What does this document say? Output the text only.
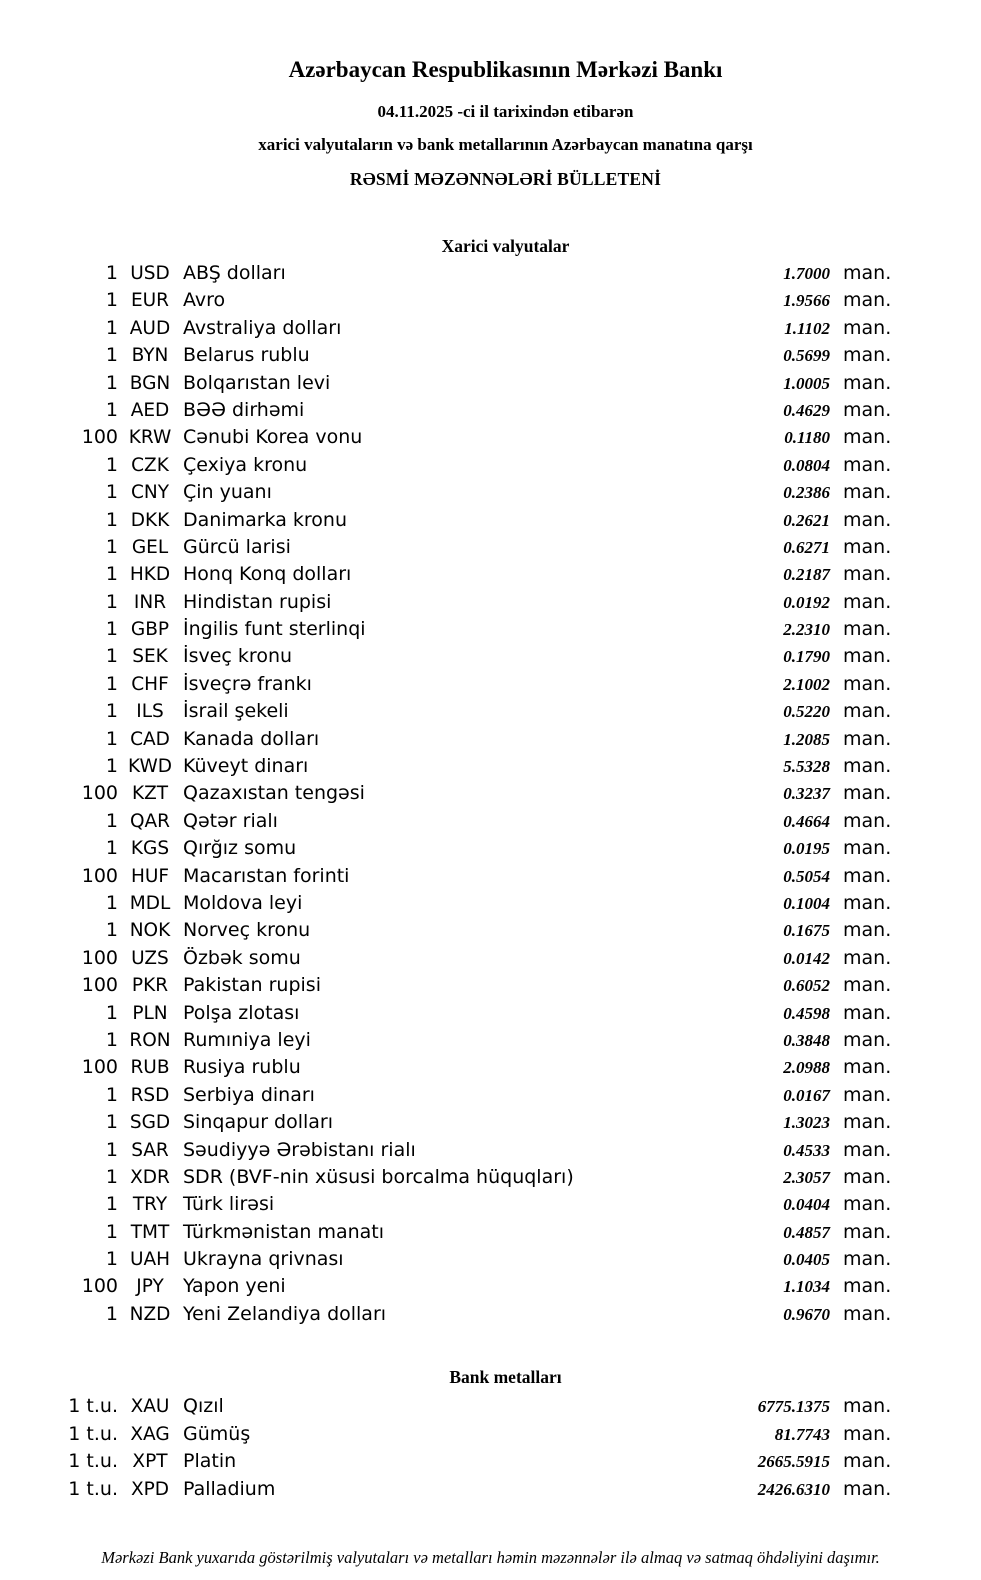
Azərbaycan Respublikasının Mərkəzi Bankı
04.11.2025 -ci il tarixindən etibarən
xarici valyutaların və bank metallarının Azərbaycan manatına qarşı
RƏSMİ MƏZƏNNƏLƏRİ BÜLLETENİ
Xarici valyutalar
1 USD ABŞ dolları	1.7000 man.
1 EUR Avro	1.9566 man.
1 AUD Avstraliya dolları	1.1102 man.
1 BYN Belarus rublu	0.5699 man.
1 BGN Bolqarıstan levi	1.0005 man.
1 AED BƏƏ dirhəmi	0.4629 man.
100 KRW Cənubi Korea vonu	0.1180 man.
1 CZK Çexiya kronu	0.0804 man.
1 CNY Çin yuanı	0.2386 man.
1 DKK Danimarka kronu	0.2621 man.
1 GEL Gürcü larisi	0.6271 man.
1 HKD Honq Konq dolları	0.2187 man.
1 INR Hindistan rupisi	0.0192 man.
1 GBP İngilis funt sterlinqi	2.2310 man.
1 SEK İsveç kronu	0.1790 man.
1 CHF İsveçrə frankı	2.1002 man.
1 ILS	İsrail şekeli	0.5220 man.
1 CAD Kanada dolları	1.2085 man.
1 KWD Küveyt dinarı	5.5328 man.
100 KZT Qazaxıstan tengəsi	0.3237 man.
1 QAR Qətər rialı	0.4664 man.
1 KGS Qırğız somu	0.0195 man.
100 HUF Macarıstan forinti	0.5054 man.
1 MDL Moldova leyi	0.1004 man.
1 NOK Norveç kronu	0.1675 man.
100 UZS Özbək somu	0.0142 man.
100 PKR Pakistan rupisi	0.6052 man.
1 PLN Polşa zlotası	0.4598 man.
1 RON Rumıniya leyi	0.3848 man.
100 RUB Rusiya rublu	2.0988 man.
1 RSD Serbiya dinarı	0.0167 man.
1 SGD Sinqapur dolları	1.3023 man.
1 SAR Səudiyyə Ərəbistanı rialı	0.4533 man.
1 XDR SDR (BVF-nin xüsusi borcalma hüquqları)	2.3057 man.
1 TRY Türk lirəsi	0.0404 man.
1 TMT Türkmənistan manatı	0.4857 man.
1 UAH Ukrayna qrivnası	0.0405 man.
100 JPY	Yapon yeni	1.1034 man.
1 NZD Yeni Zelandiya dolları	0.9670 man.
Bank metalları
1 t.u. XAU Qızıl	6775.1375 man.
1 t.u. XAG Gümüş	81.7743 man.
1 t.u. XPT Platin	2665.5915 man.
1 t.u. XPD Palladium	2426.6310 man.
Mərkəzi Bank yuxarıda göstərilmiş valyutaları və metalları həmin məzənnələr ilə almaq və satmaq öhdəliyini daşımır.
